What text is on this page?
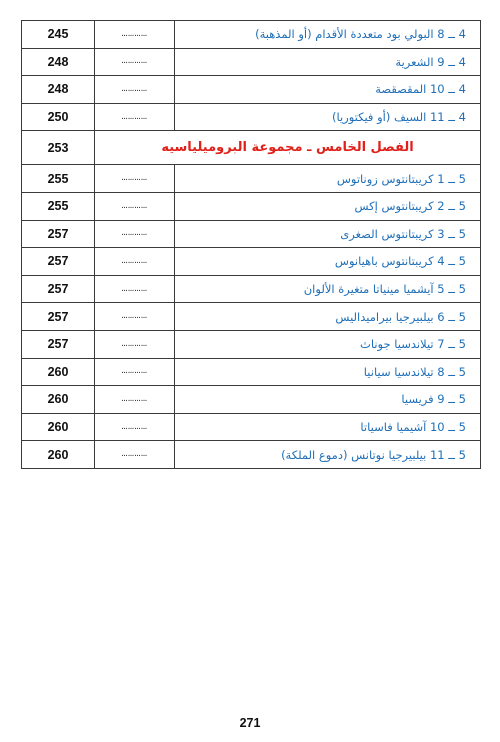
245	…………	4 ــ 8 البولي بود متعددة الأقدام (أو المذهبة)
248	…………	4 ــ 9 الشعرية
248	…………	4 ــ 10 المقصقصة
250	…………	4 ــ 11 السيف (أو فيكتوريا)
253	الفصل الخامس ـ مجموعة البروميلياسيه	
255	…………	5 ــ 1 كريبتانتوس زوناتوس
255	…………	5 ــ 2 كريبتانتوس إكس
257	…………	5 ــ 3 كريبتانتوس الصغرى
257	…………	5 ــ 4 كريبتانتوس باهيانوس
257	…………	5 ــ 5 آيشميا مينياتا متغيرة الألوان
257	…………	5 ــ 6 بيلبيرجيا بيراميداليس
257	…………	5 ــ 7 تيلاندسيا جوناث
260	…………	5 ــ 8 تيلاندسيا سيانيا
260	…………	5 ــ 9 فريسيا
260	…………	5 ــ 10 آشيميا فاسياتا
260	…………	5 ــ 11 بيلبيرجيا نوتانس (دموع الملكة)
271
